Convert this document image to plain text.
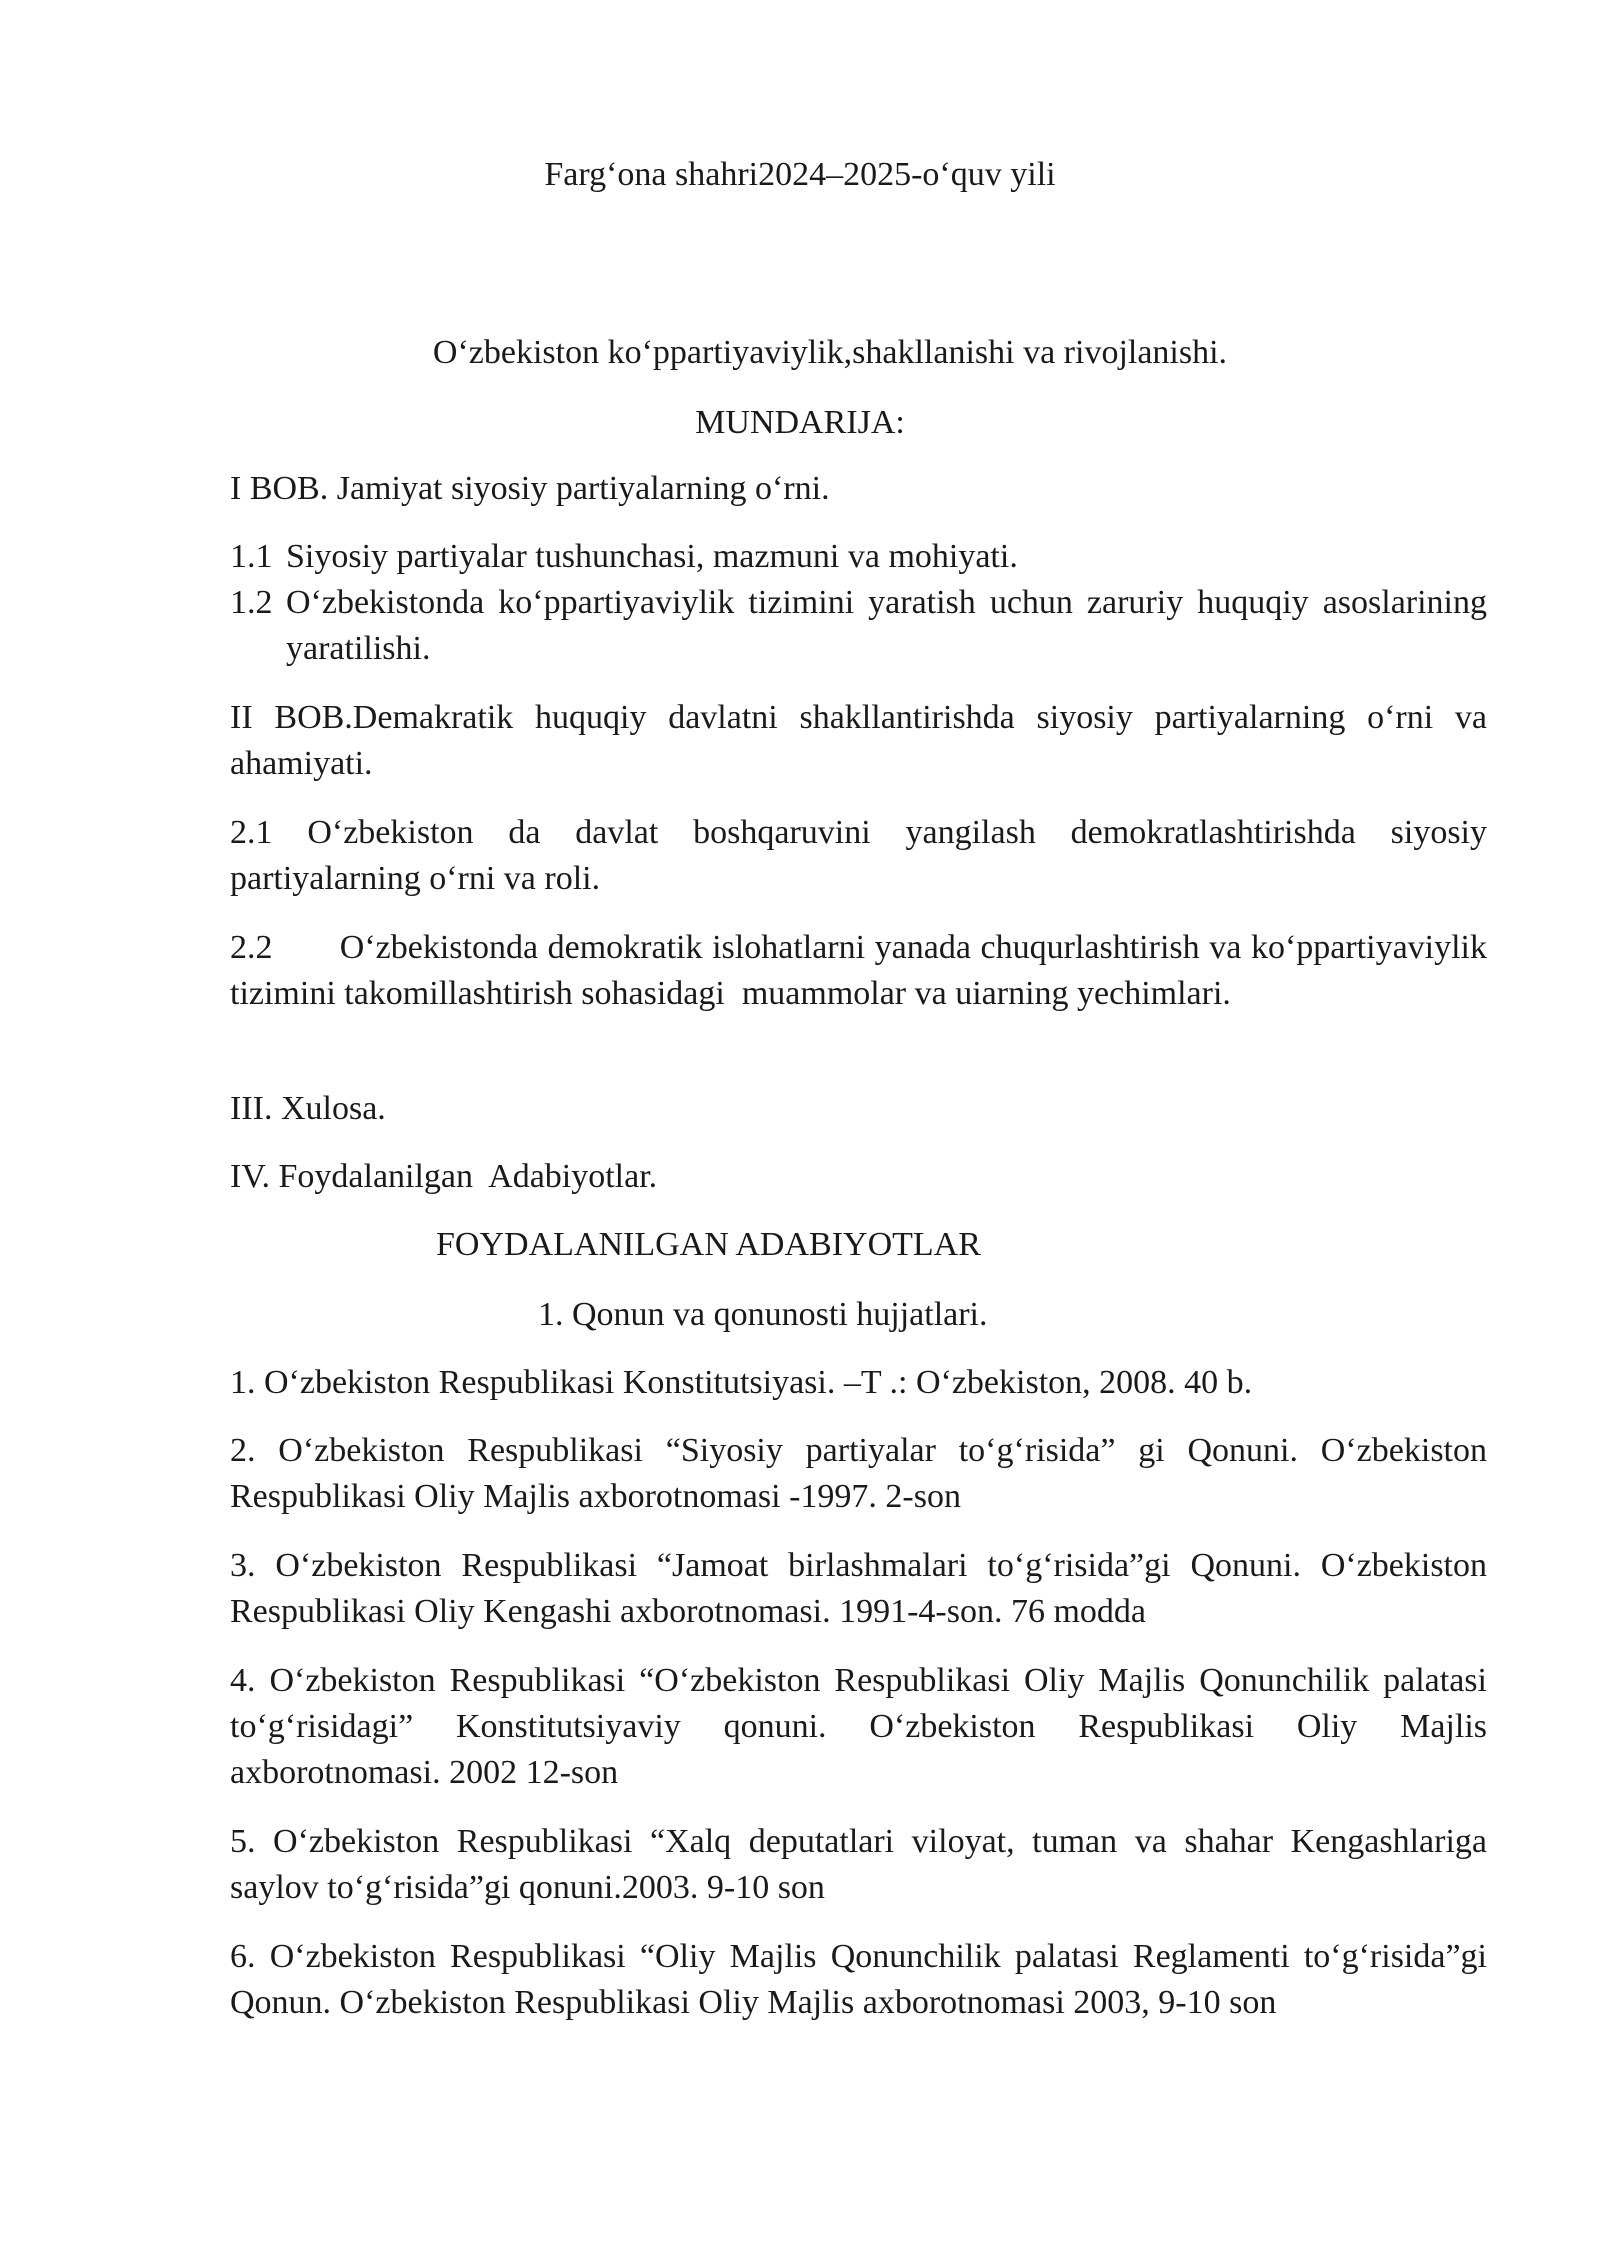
Farg‘ona shahri2024–2025-o‘quv yili
O‘zbekiston ko‘ppartiyaviylik,shakllanishi va rivojlanishi.
MUNDARIJA:
I BOB. Jamiyat siyosiy partiyalarning o‘rni.
1.1 Siyosiy partiyalar tushunchasi, mazmuni va mohiyati.
1.2 O‘zbekistonda ko‘ppartiyaviylik tizimini yaratish uchun zaruriy huquqiy asoslarining yaratilishi.
II BOB.Demakratik huquqiy davlatni shakllantirishda siyosiy partiyalarning o‘rni va ahamiyati.
2.1 O‘zbekiston da davlat boshqaruvini yangilash demokratlashtirishda siyosiy partiyalarning o‘rni va roli.
2.2       O‘zbekistonda demokratik islohatlarni yanada chuqurlashtirish va ko‘ppartiyaviylik tizimini takomillashtirish sohasidagi  muammolar va uiarning yechimlari.
III. Xulosa.
IV. Foydalanilgan  Adabiyotlar.
FOYDALANILGAN ADABIYOTLAR
1. Qonun va qonunosti hujjatlari.
1. O‘zbekiston Respublikasi Konstitutsiyasi. –T .: O‘zbekiston, 2008. 40 b.
2. O‘zbekiston Respublikasi “Siyosiy partiyalar to‘g‘risida” gi Qonuni. O‘zbekiston Respublikasi Oliy Majlis axborotnomasi -1997. 2-son
3. O‘zbekiston Respublikasi “Jamoat birlashmalari to‘g‘risida”gi Qonuni. O‘zbekiston Respublikasi Oliy Kengashi axborotnomasi. 1991-4-son. 76 modda
4. O‘zbekiston Respublikasi “O‘zbekiston Respublikasi Oliy Majlis Qonunchilik palatasi to‘g‘risidagi” Konstitutsiyaviy qonuni. O‘zbekiston Respublikasi Oliy Majlis axborotnomasi. 2002 12-son
5. O‘zbekiston Respublikasi “Xalq deputatlari viloyat, tuman va shahar Kengashlariga saylov to‘g‘risida”gi qonuni.2003. 9-10 son
6. O‘zbekiston Respublikasi “Oliy Majlis Qonunchilik palatasi Reglamenti to‘g‘risida”gi Qonun. O‘zbekiston Respublikasi Oliy Majlis axborotnomasi 2003, 9-10 son
